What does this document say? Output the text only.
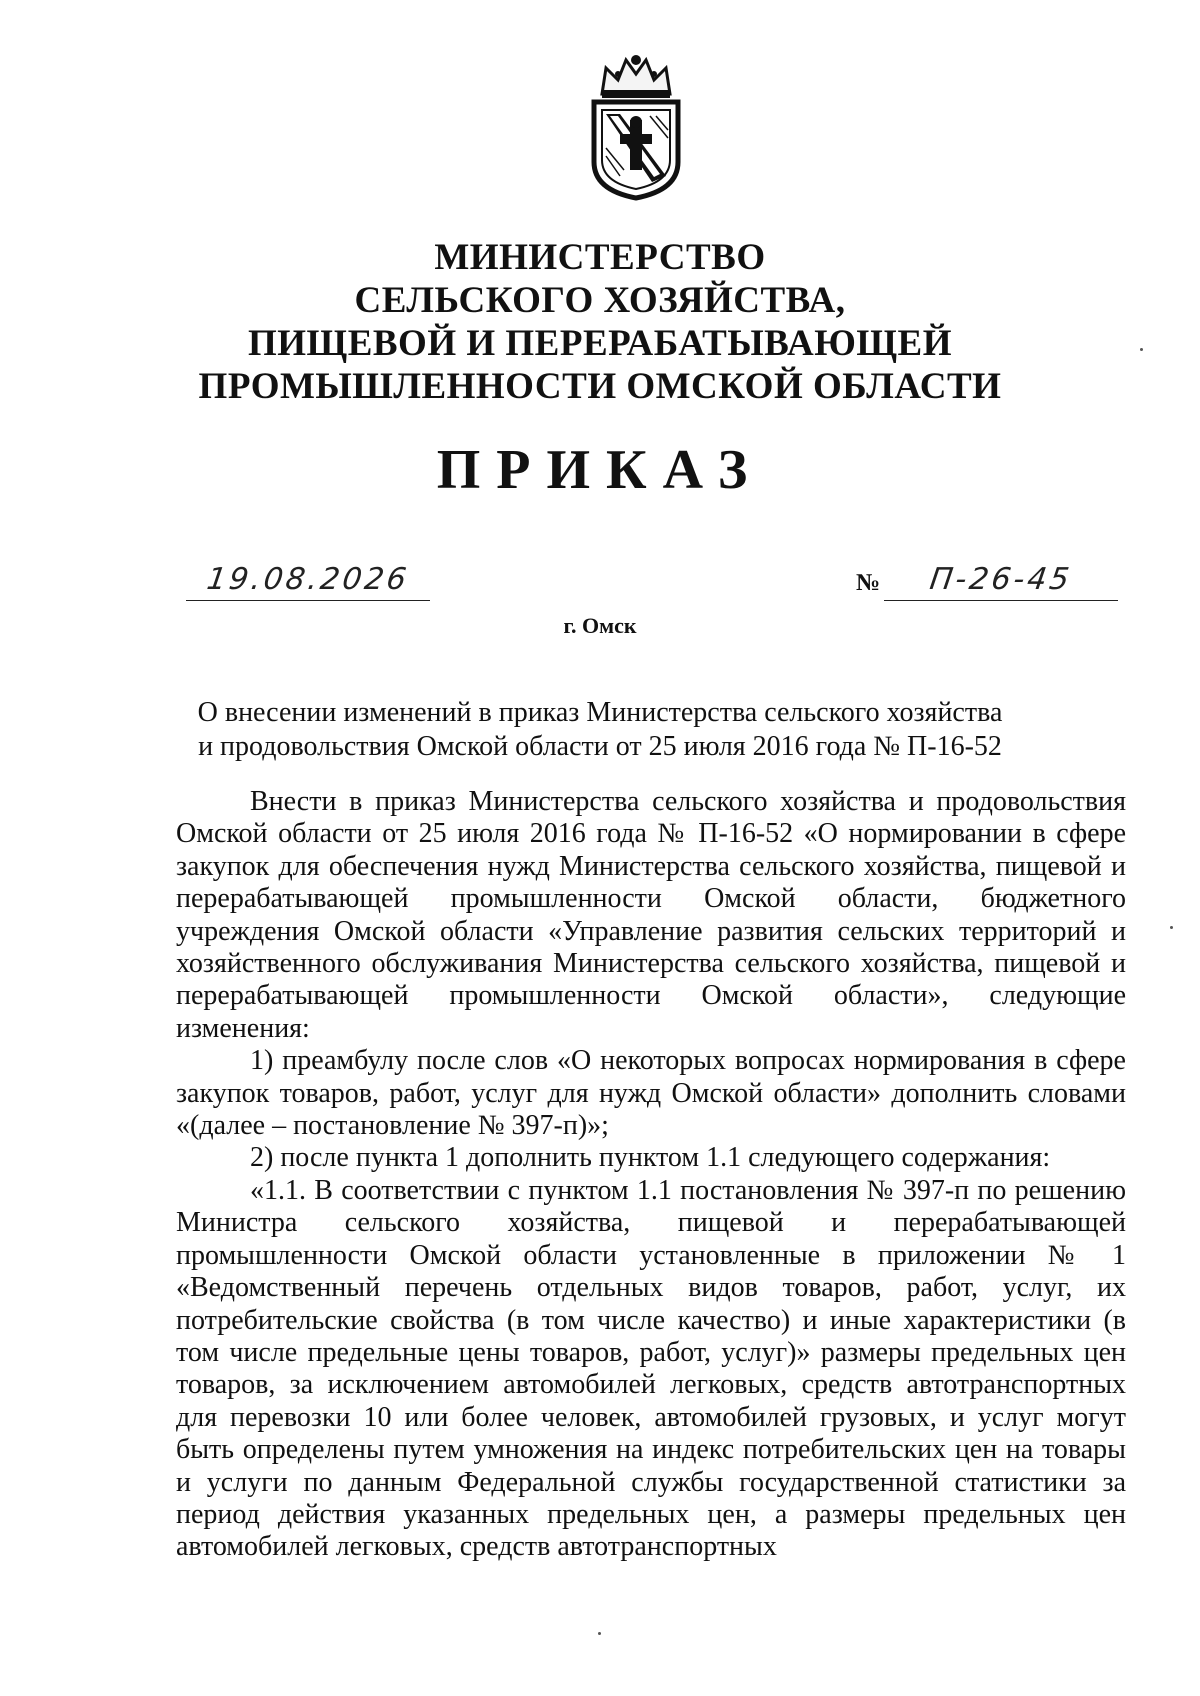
МИНИСТЕРСТВО
СЕЛЬСКОГО ХОЗЯЙСТВА,
ПИЩЕВОЙ И ПЕРЕРАБАТЫВАЮЩЕЙ
ПРОМЫШЛЕННОСТИ ОМСКОЙ ОБЛАСТИ
ПРИКАЗ
19.08.2026	№	П-26-45
г. Омск
О внесении изменений в приказ Министерства сельского хозяйства
и продовольствия Омской области от 25 июля 2016 года № П-16-52

Внести в приказ Министерства сельского хозяйства и продовольствия Омской области от 25 июля 2016 года № П-16-52 «О нормировании в сфере закупок для обеспечения нужд Министерства сельского хозяйства, пищевой и перерабатывающей промышленности Омской области, бюджетного учреждения Омской области «Управление развития сельских территорий и хозяйственного обслуживания Министерства сельского хозяйства, пищевой и перерабатывающей промышленности Омской области», следующие изменения:

1) преамбулу после слов «О некоторых вопросах нормирования в сфере закупок товаров, работ, услуг для нужд Омской области» дополнить словами «(далее – постановление № 397-п)»;

2) после пункта 1 дополнить пунктом 1.1 следующего содержания:

«1.1. В соответствии с пунктом 1.1 постановления № 397-п по решению Министра сельского хозяйства, пищевой и перерабатывающей промышленности Омской области установленные в приложении № 1 «Ведомственный перечень отдельных видов товаров, работ, услуг, их потребительские свойства (в том числе качество) и иные характеристики (в том числе предельные цены товаров, работ, услуг)» размеры предельных цен товаров, за исключением автомобилей легковых, средств автотранспортных для перевозки 10 или более человек, автомобилей грузовых, и услуг могут быть определены путем умножения на индекс потребительских цен на товары и услуги по данным Федеральной службы государственной статистики за период действия указанных предельных цен, а размеры предельных цен автомобилей легковых, средств автотранспортных
